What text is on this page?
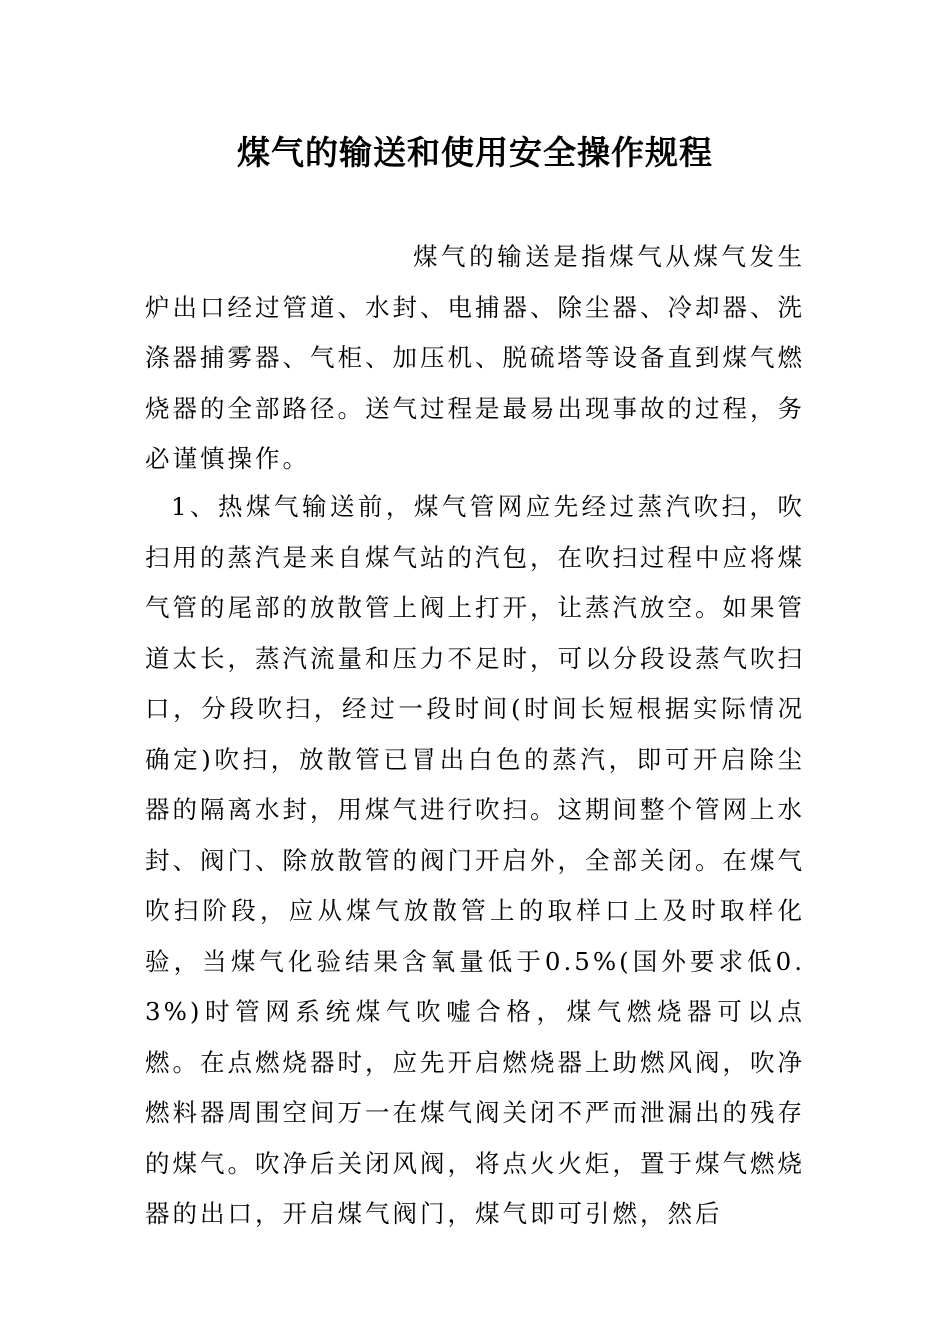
煤气的输送和使用安全操作规程

煤气的输送是指煤气从煤气发生炉出口经过管道、水封、电捕器、除尘器、冷却器、洗涤器捕雾器、气柜、加压机、脱硫塔等设备直到煤气燃烧器的全部路径。送气过程是最易出现事故的过程，务必谨慎操作。

1、热煤气输送前，煤气管网应先经过蒸汽吹扫，吹扫用的蒸汽是来自煤气站的汽包，在吹扫过程中应将煤气管的尾部的放散管上阀上打开，让蒸汽放空。如果管道太长，蒸汽流量和压力不足时，可以分段设蒸气吹扫口，分段吹扫，经过一段时间(时间长短根据实际情况确定)吹扫，放散管已冒出白色的蒸汽，即可开启除尘器的隔离水封，用煤气进行吹扫。这期间整个管网上水封、阀门、除放散管的阀门开启外，全部关闭。在煤气吹扫阶段，应从煤气放散管上的取样口上及时取样化验，当煤气化验结果含氧量低于0.5%(国外要求低0.3%)时管网系统煤气吹嘘合格，煤气燃烧器可以点燃。在点燃烧器时，应先开启燃烧器上助燃风阀，吹净燃料器周围空间万一在煤气阀关闭不严而泄漏出的残存的煤气。吹净后关闭风阀，将点火火炬，置于煤气燃烧器的出口，开启煤气阀门，煤气即可引燃，然后
